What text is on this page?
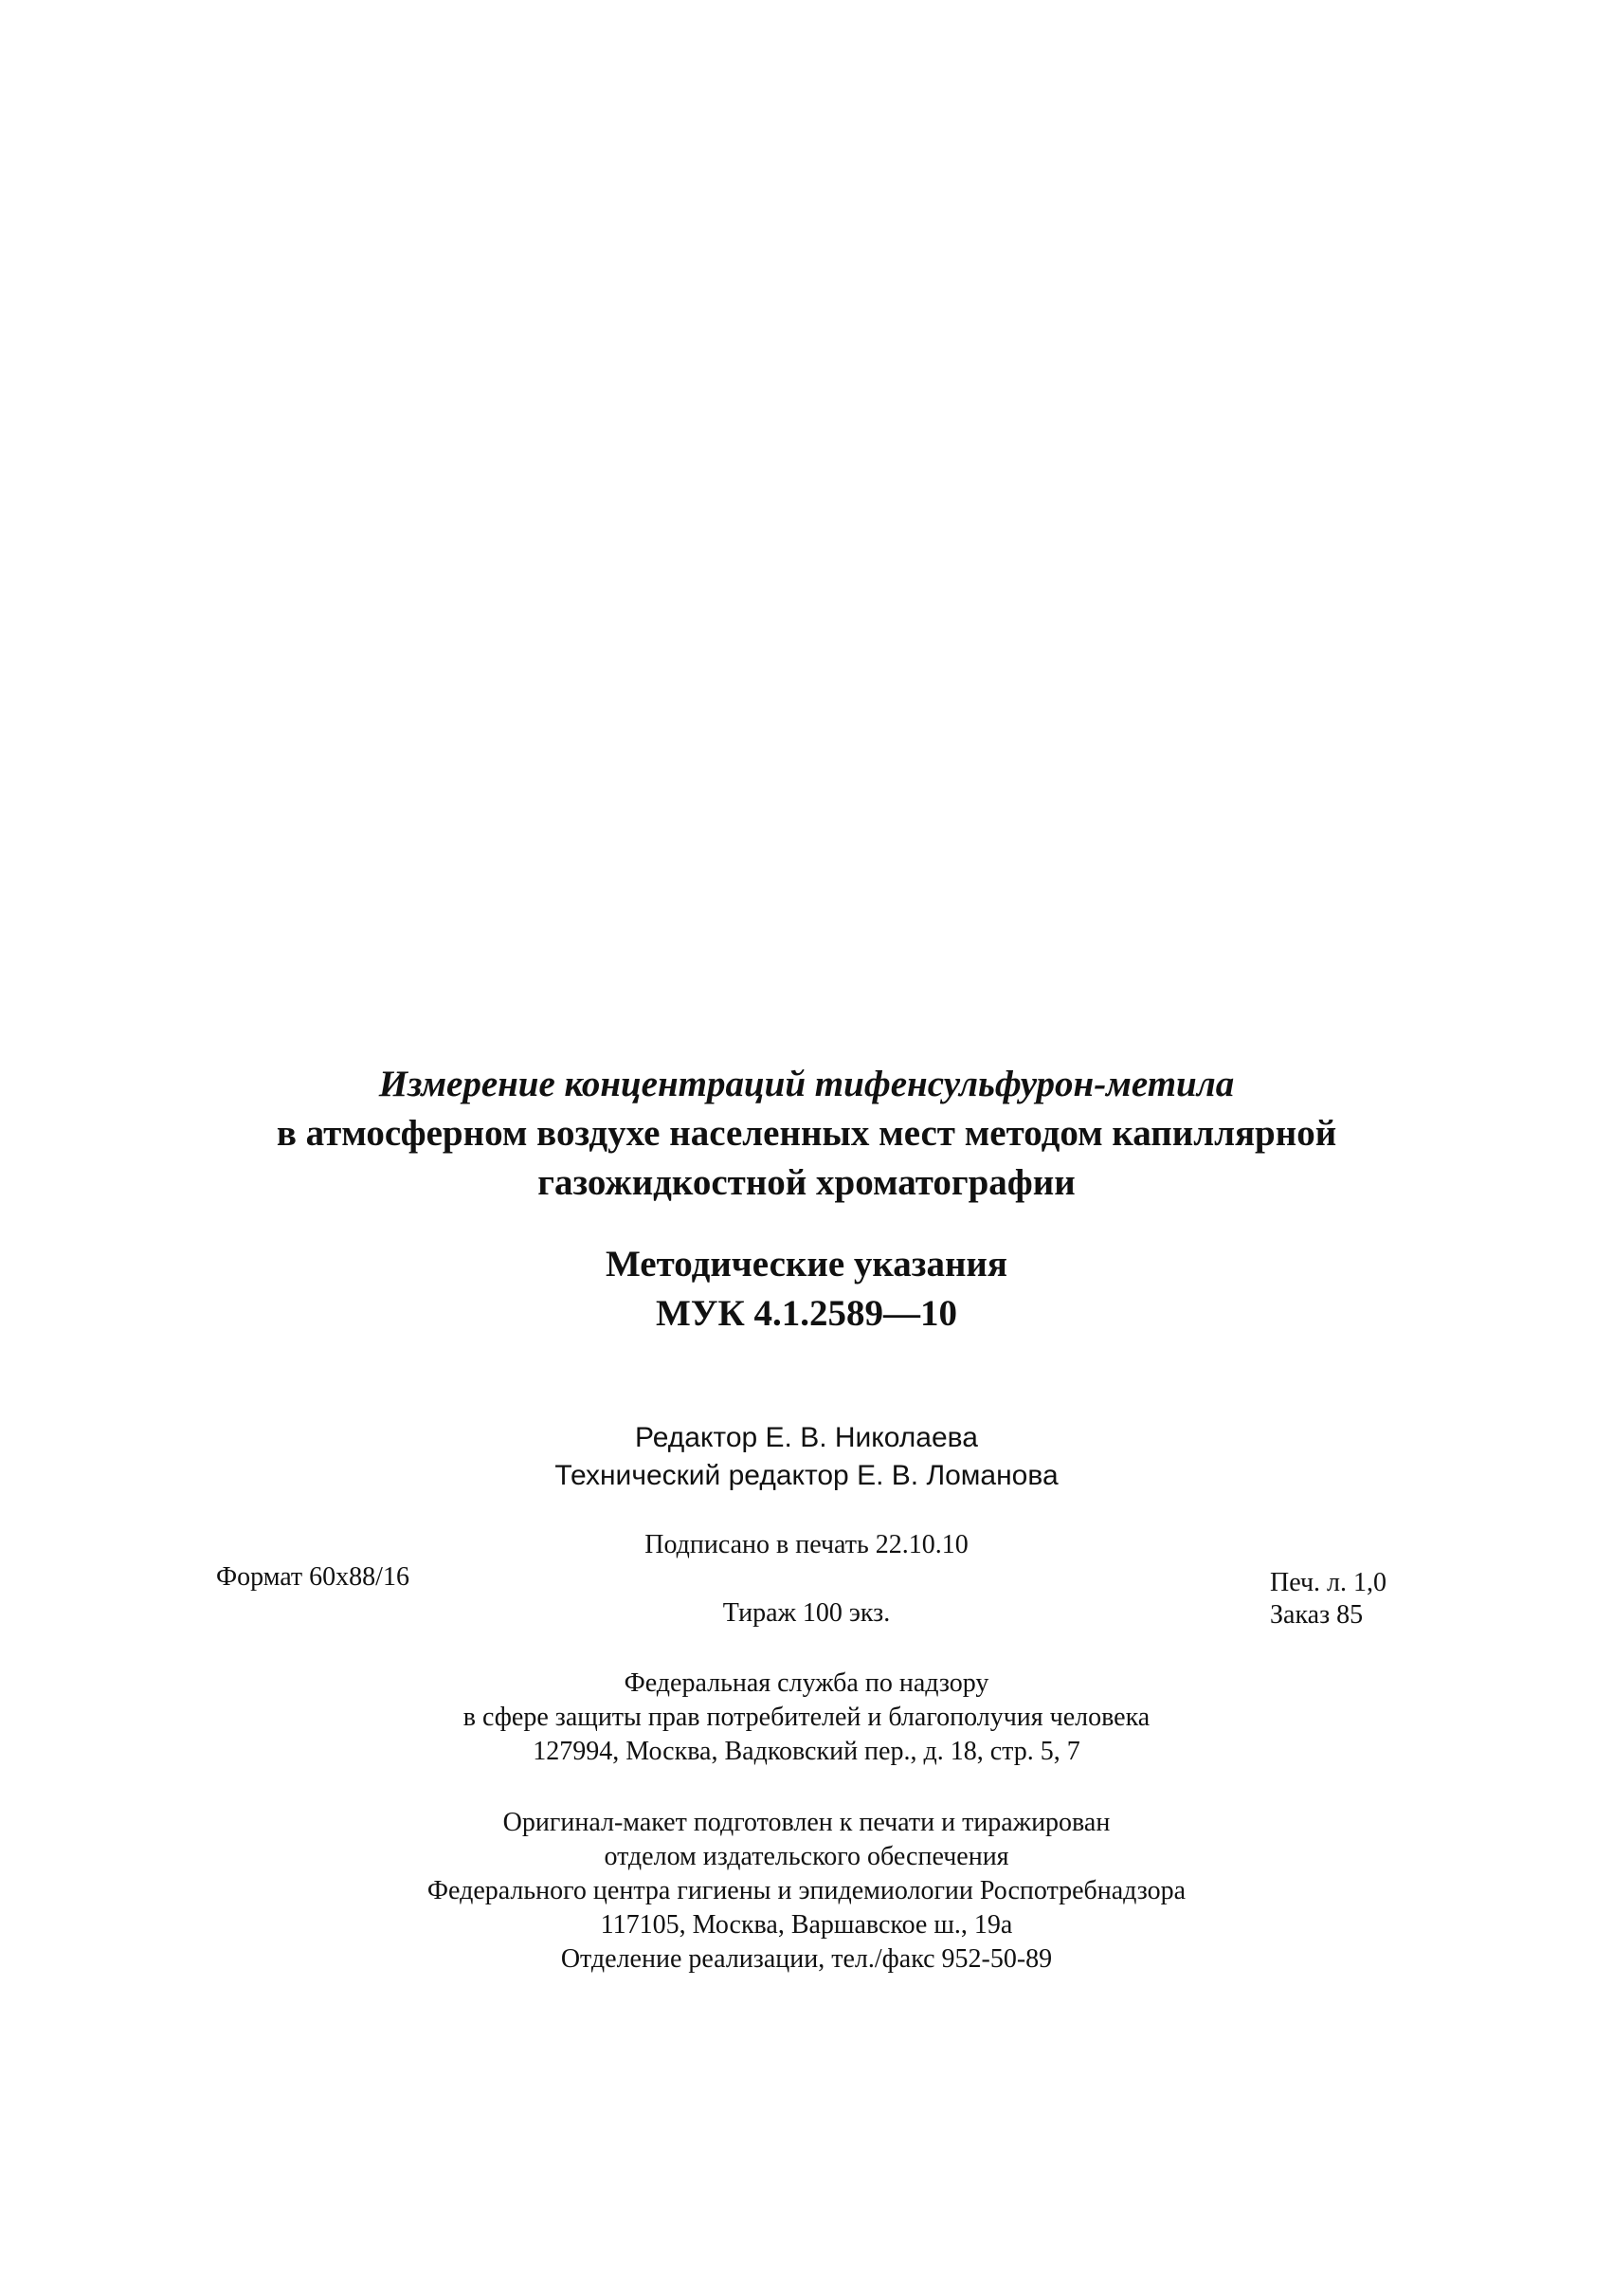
Измерение концентраций тифенсульфурон-метила
в атмосферном воздухе населенных мест методом капиллярной
газожидкостной хроматографии
Методические указания
МУК 4.1.2589—10
Редактор Е. В. Николаева
Технический редактор Е. В. Ломанова
Подписано в печать 22.10.10
Формат 60x88/16	Печ. л. 1,0
Тираж 100 экз.	Заказ 85
Федеральная служба по надзору
в сфере защиты прав потребителей и благополучия человека
127994, Москва, Вадковский пер., д. 18, стр. 5, 7
Оригинал-макет подготовлен к печати и тиражирован
отделом издательского обеспечения
Федерального центра гигиены и эпидемиологии Роспотребнадзора
117105, Москва, Варшавское ш., 19а
Отделение реализации, тел./факс 952-50-89
